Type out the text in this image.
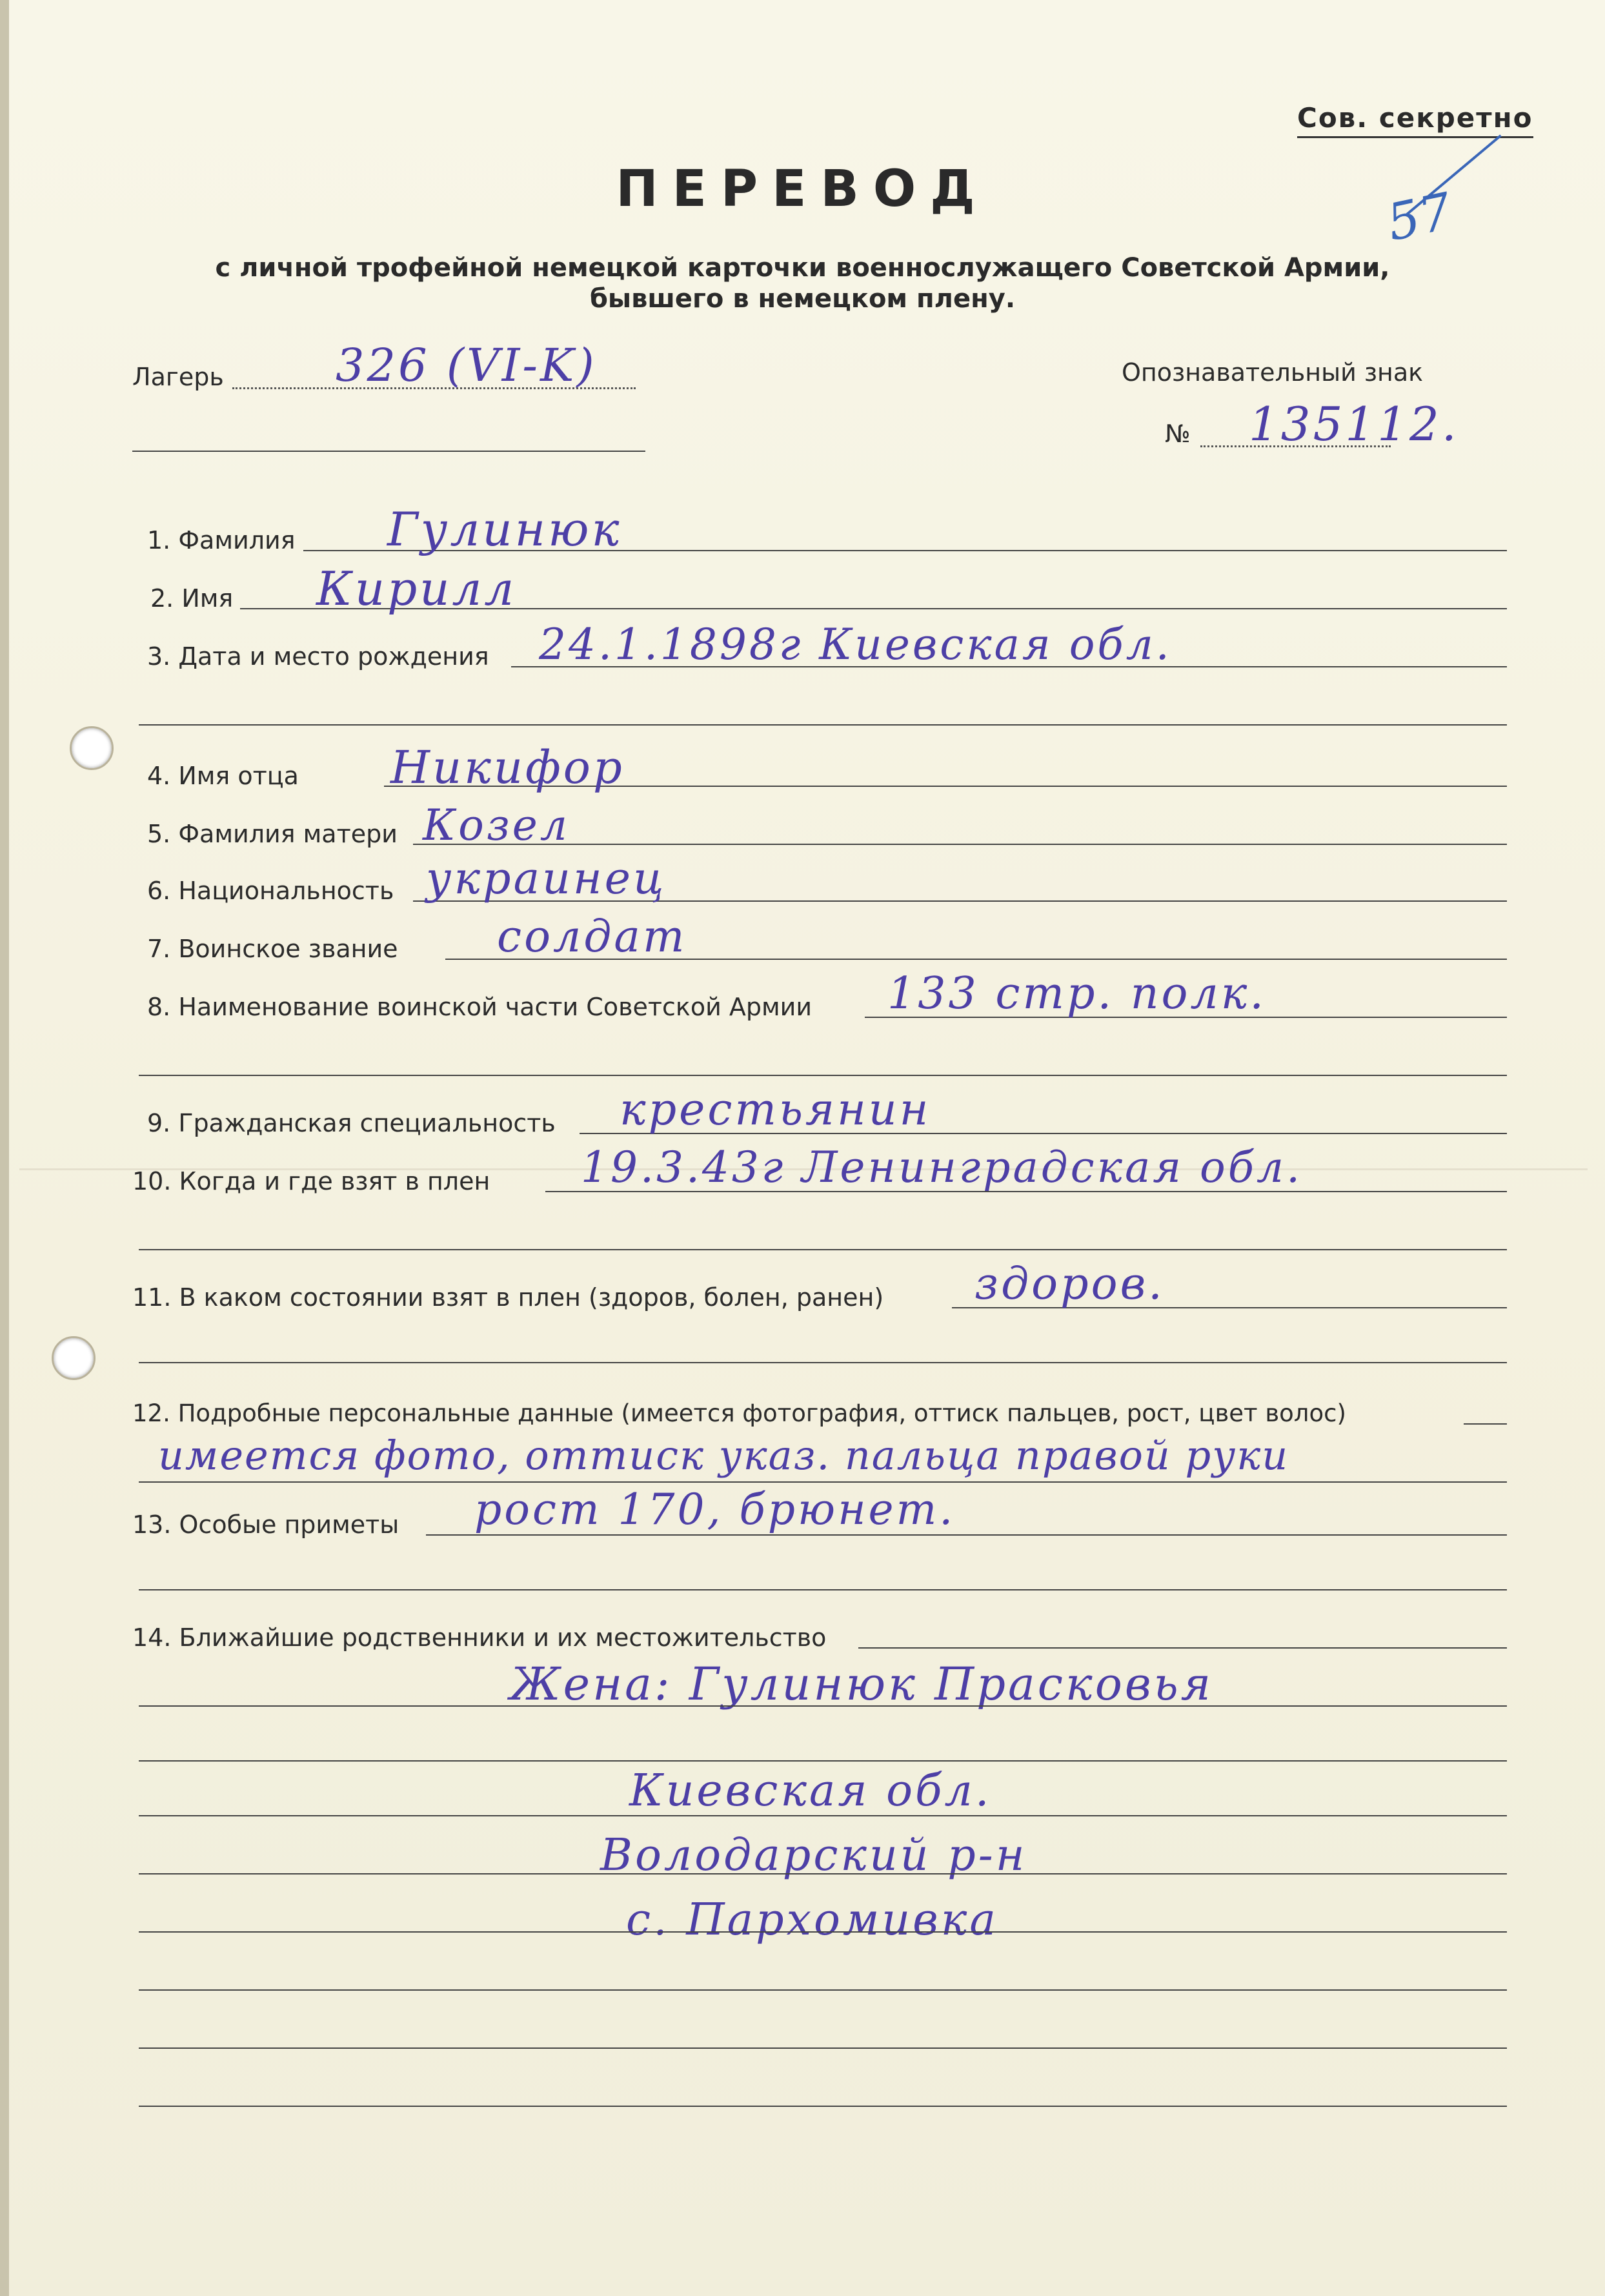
Сов. секретно
57
ПЕРЕВОД
с личной трофейной немецкой карточки военнослужащего Советской Армии,
бывшего в немецком плену.
Лагерь 326 (VI-K)	Опознавательный знак
№ 135112.
1. Фамилия Гулинюк
2. Имя Кирилл
3. Дата и место рождения 24.1.1898г Киевская обл.
4. Имя отца Никифор
5. Фамилия матери Козел
6. Национальность украинец
7. Воинское звание солдат
8. Наименование воинской части Советской Армии 133 стр. полк.
9. Гражданская специальность крестьянин
10. Когда и где взят в плен 19.3.43г Ленинградская обл.
11. В каком состоянии взят в плен (здоров, болен, ранен) здоров.
12. Подробные персональные данные (имеется фотография, оттиск пальцев, рост, цвет волос)
имеется фото, оттиск указ. пальца правой руки
13. Особые приметы рост 170, брюнет.
14. Ближайшие родственники и их местожительство
Жена: Гулинюк Прасковья
Киевская обл.
Володарский р-н
с. Пархомивка
